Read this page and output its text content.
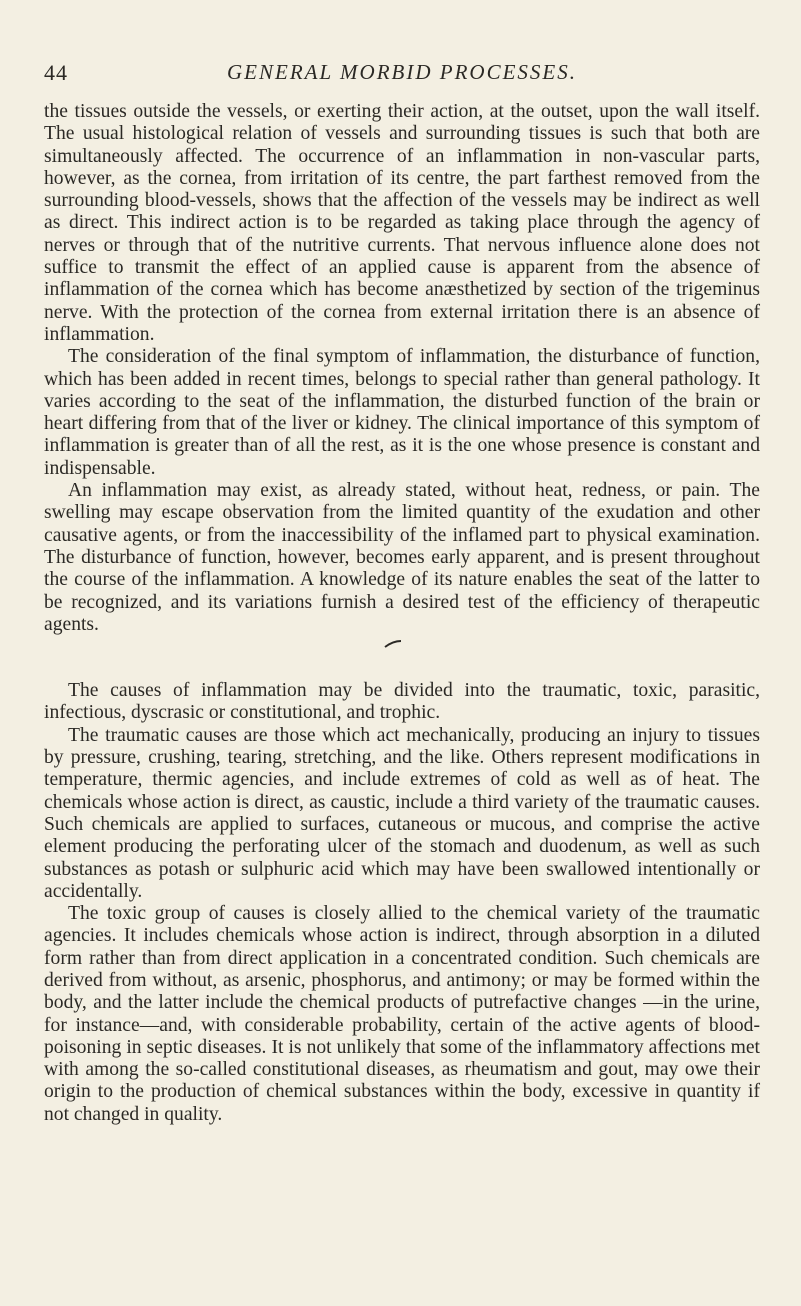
44	GENERAL MORBID PROCESSES.

the tissues outside the vessels, or exerting their action, at the outset, upon the wall itself. The usual histological relation of vessels and surrounding tissues is such that both are simultaneously affected. The occurrence of an inflammation in non-vascular parts, however, as the cornea, from irritation of its centre, the part farthest removed from the surrounding blood-vessels, shows that the affection of the vessels may be indirect as well as direct. This indirect action is to be regarded as taking place through the agency of nerves or through that of the nutritive currents. That nervous influence alone does not suffice to transmit the effect of an applied cause is apparent from the absence of inflammation of the cornea which has become anæsthetized by section of the trigeminus nerve. With the protection of the cornea from external irritation there is an absence of inflammation.

The consideration of the final symptom of inflammation, the disturbance of function, which has been added in recent times, belongs to special rather than general pathology. It varies according to the seat of the inflammation, the disturbed function of the brain or heart differing from that of the liver or kidney. The clinical importance of this symptom of inflammation is greater than of all the rest, as it is the one whose presence is constant and indispensable.

An inflammation may exist, as already stated, without heat, redness, or pain. The swelling may escape observation from the limited quantity of the exudation and other causative agents, or from the inaccessibility of the inflamed part to physical examination. The disturbance of function, however, becomes early apparent, and is present throughout the course of the inflammation. A knowledge of its nature enables the seat of the latter to be recognized, and its variations furnish a desired test of the efficiency of therapeutic agents.

The causes of inflammation may be divided into the traumatic, toxic, parasitic, infectious, dyscrasic or constitutional, and trophic.

The traumatic causes are those which act mechanically, producing an injury to tissues by pressure, crushing, tearing, stretching, and the like. Others represent modifications in temperature, thermic agencies, and include extremes of cold as well as of heat. The chemicals whose action is direct, as caustic, include a third variety of the traumatic causes. Such chemicals are applied to surfaces, cutaneous or mucous, and comprise the active element producing the perforating ulcer of the stomach and duodenum, as well as such substances as potash or sulphuric acid which may have been swallowed intentionally or accidentally.

The toxic group of causes is closely allied to the chemical variety of the traumatic agencies. It includes chemicals whose action is indirect, through absorption in a diluted form rather than from direct application in a concentrated condition. Such chemicals are derived from without, as arsenic, phosphorus, and antimony; or may be formed within the body, and the latter include the chemical products of putrefactive changes —in the urine, for instance—and, with considerable probability, certain of the active agents of blood-poisoning in septic diseases. It is not unlikely that some of the inflammatory affections met with among the so-called constitutional diseases, as rheumatism and gout, may owe their origin to the production of chemical substances within the body, excessive in quantity if not changed in quality.
